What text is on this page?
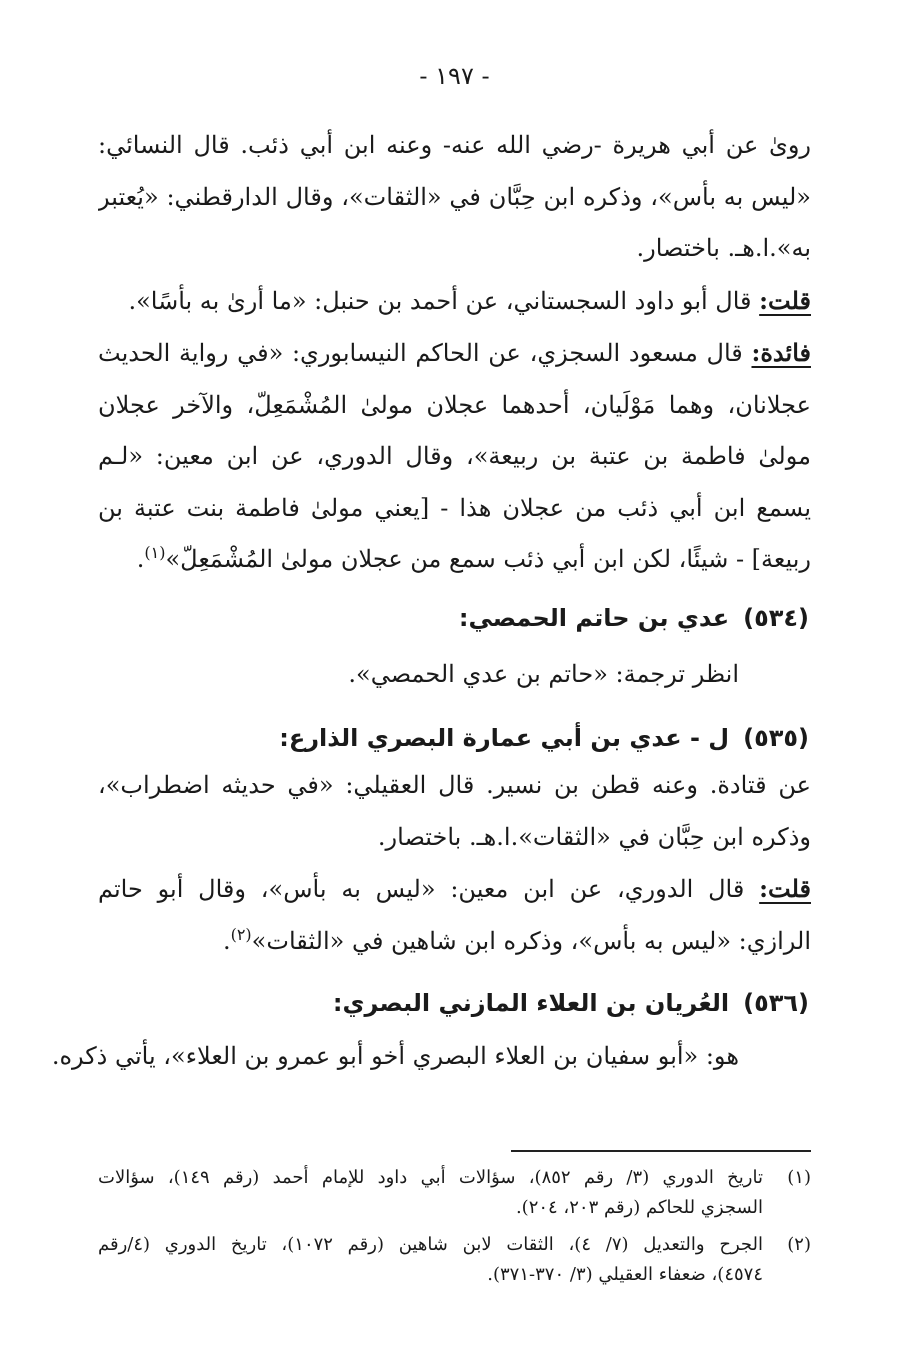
- ١٩٧ -
روىٰ عن أبي هريرة -رضي الله عنه- وعنه ابن أبي ذئب. قال النسائي:
«ليس به بأس»، وذكره ابن حِبَّان في «الثقات»، وقال الدارقطني: «يُعتبر
به».ا.هـ. باختصار.
قلت: قال أبو داود السجستاني، عن أحمد بن حنبل: «ما أرىٰ به بأسًا».
فائدة: قال مسعود السجزي، عن الحاكم النيسابوري: «في رواية الحديث
عجلانان، وهما مَوْلَيان، أحدهما عجلان مولىٰ المُشْمَعِلّ، والآخر عجلان
مولىٰ فاطمة بن عتبة بن ربيعة»، وقال الدوري، عن ابن معين: «لـم
يسمع ابن أبي ذئب من عجلان هذا - [يعني مولىٰ فاطمة بنت عتبة بن
ربيعة] - شيئًا، لكن ابن أبي ذئب سمع من عجلان مولىٰ المُشْمَعِلّ»$^{(١)}$.
(٥٣٤)عدي بن حاتم الحمصي:
انظر ترجمة: «حاتم بن عدي الحمصي».
(٥٣٥)ل - عدي بن أبي عمارة البصري الذارع:
عن قتادة. وعنه قطن بن نسير. قال العقيلي: «في حديثه اضطراب»،
وذكره ابن حِبَّان في «الثقات».ا.هـ. باختصار.
قلت: قال الدوري، عن ابن معين: «ليس به بأس»، وقال أبو حاتم
الرازي: «ليس به بأس»، وذكره ابن شاهين في «الثقات»$^{(٢)}$.
(٥٣٦)العُريان بن العلاء المازني البصري:
هو: «أبو سفيان بن العلاء البصري أخو أبو عمرو بن العلاء»، يأتي ذكره.
(١)تاريخ الدوري (٣/ رقم ٨٥٢)، سؤالات أبي داود للإمام أحمد (رقم ١٤٩)، سؤالات
السجزي للحاكم (رقم ٢٠٣، ٢٠٤).
(٢)الجرح والتعديل (٧/ ٤)، الثقات لابن شاهين (رقم ١٠٧٢)، تاريخ الدوري (٤/رقم
٤٥٧٤)، ضعفاء العقيلي (٣/ ٣٧٠-٣٧١).
